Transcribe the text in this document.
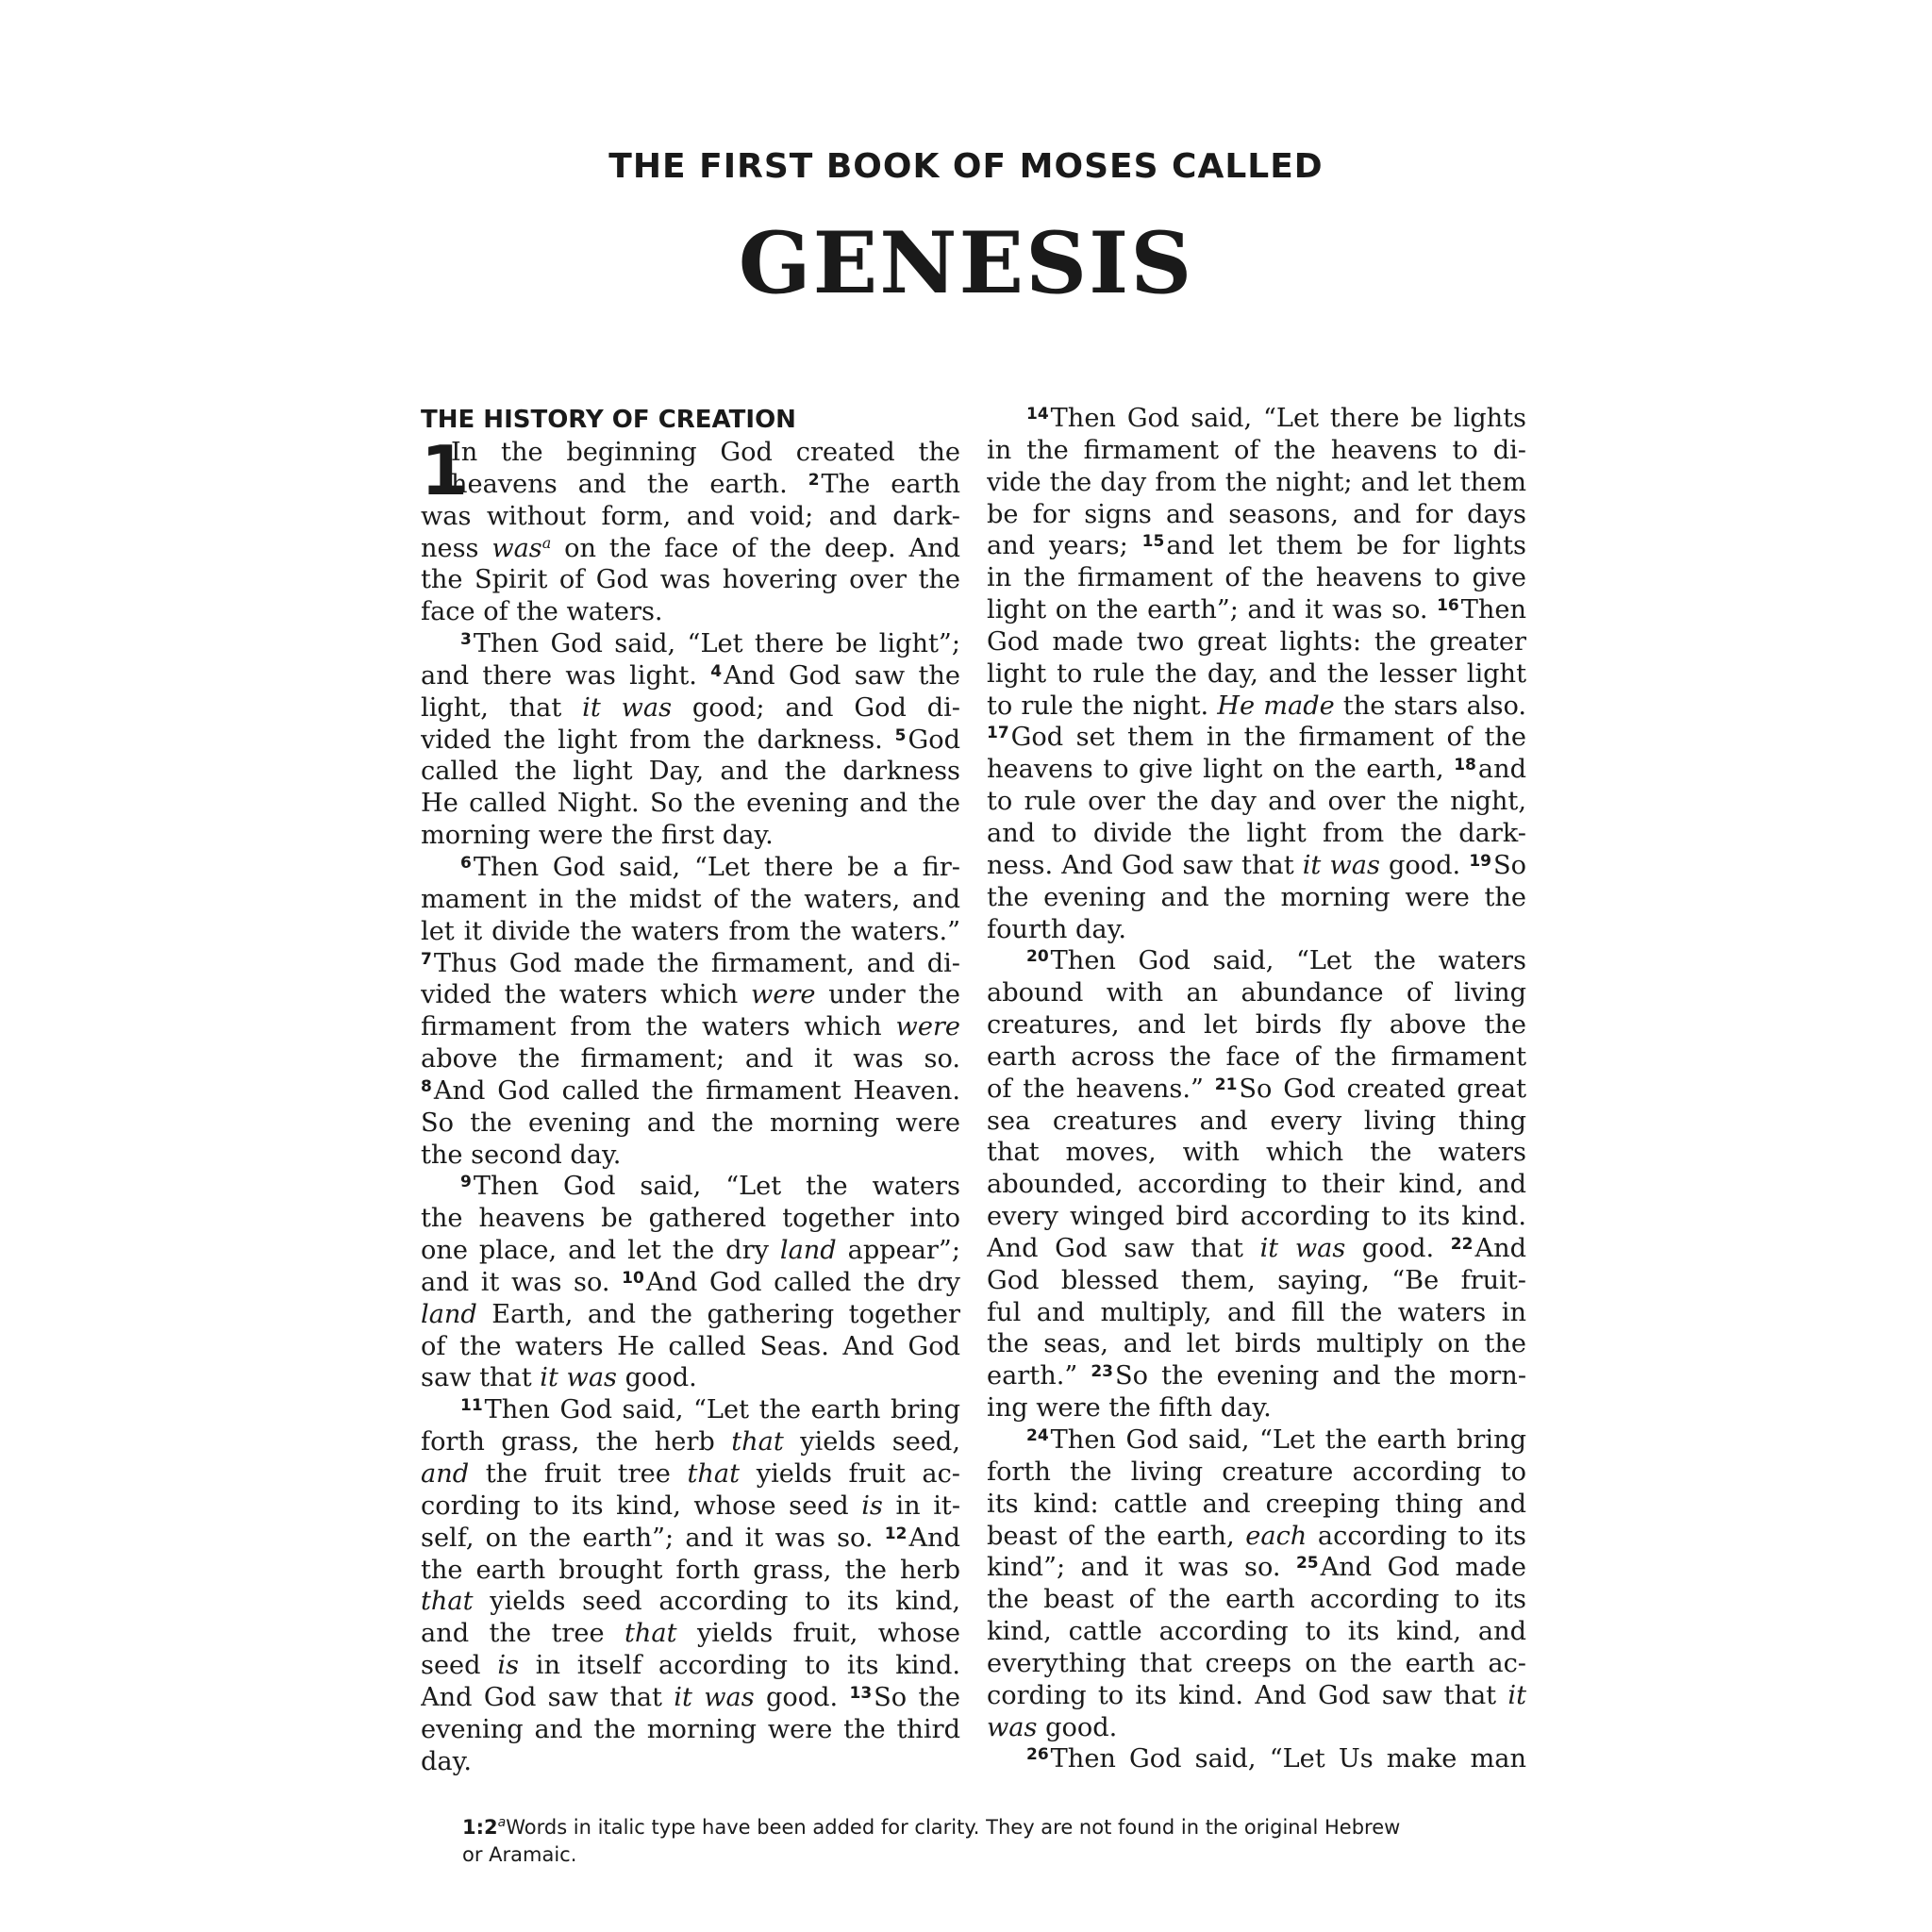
THE FIRST BOOK OF MOSES CALLED
GENESIS
THE HISTORY OF CREATION
1
In the beginning God created the
heavens and the earth. $^2$The earth
was without form, and void; and dark-
ness was$^a$ on the face of the deep. And
the Spirit of God was hovering over the
face of the waters.
$^3$Then God said, “Let there be light”;
and there was light. $^4$And God saw the
light, that it was good; and God di-
vided the light from the darkness. $^5$God
called the light Day, and the darkness
He called Night. So the evening and the
morning were the first day.
$^6$Then God said, “Let there be a fir-
mament in the midst of the waters, and
let it divide the waters from the waters.”
$^7$Thus God made the firmament, and di-
vided the waters which were under the
firmament from the waters which were
above the firmament; and it was so.
$^8$And God called the firmament Heaven.
So the evening and the morning were
the second day.
$^9$Then God said, “Let the waters
the heavens be gathered together into
one place, and let the dry land appear”;
and it was so. $^{10}$And God called the dry
land Earth, and the gathering together
of the waters He called Seas. And God
saw that it was good.
$^{11}$Then God said, “Let the earth bring
forth grass, the herb that yields seed,
and the fruit tree that yields fruit ac-
cording to its kind, whose seed is in it-
self, on the earth”; and it was so. $^{12}$And
the earth brought forth grass, the herb
that yields seed according to its kind,
and the tree that yields fruit, whose
seed is in itself according to its kind.
And God saw that it was good. $^{13}$So the
evening and the morning were the third
day.
$^{14}$Then God said, “Let there be lights
in the firmament of the heavens to di-
vide the day from the night; and let them
be for signs and seasons, and for days
and years; $^{15}$and let them be for lights
in the firmament of the heavens to give
light on the earth”; and it was so. $^{16}$Then
God made two great lights: the greater
light to rule the day, and the lesser light
to rule the night. He made the stars also.
$^{17}$God set them in the firmament of the
heavens to give light on the earth, $^{18}$and
to rule over the day and over the night,
and to divide the light from the dark-
ness. And God saw that it was good. $^{19}$So
the evening and the morning were the
fourth day.
$^{20}$Then God said, “Let the waters
abound with an abundance of living
creatures, and let birds fly above the
earth across the face of the firmament
of the heavens.” $^{21}$So God created great
sea creatures and every living thing
that moves, with which the waters
abounded, according to their kind, and
every winged bird according to its kind.
And God saw that it was good. $^{22}$And
God blessed them, saying, “Be fruit-
ful and multiply, and fill the waters in
the seas, and let birds multiply on the
earth.” $^{23}$So the evening and the morn-
ing were the fifth day.
$^{24}$Then God said, “Let the earth bring
forth the living creature according to
its kind: cattle and creeping thing and
beast of the earth, each according to its
kind”; and it was so. $^{25}$And God made
the beast of the earth according to its
kind, cattle according to its kind, and
everything that creeps on the earth ac-
cording to its kind. And God saw that it
was good.
$^{26}$Then God said, “Let Us make man
1:2$^a$Words in italic type have been added for clarity. They are not found in the original Hebrew
or Aramaic.
